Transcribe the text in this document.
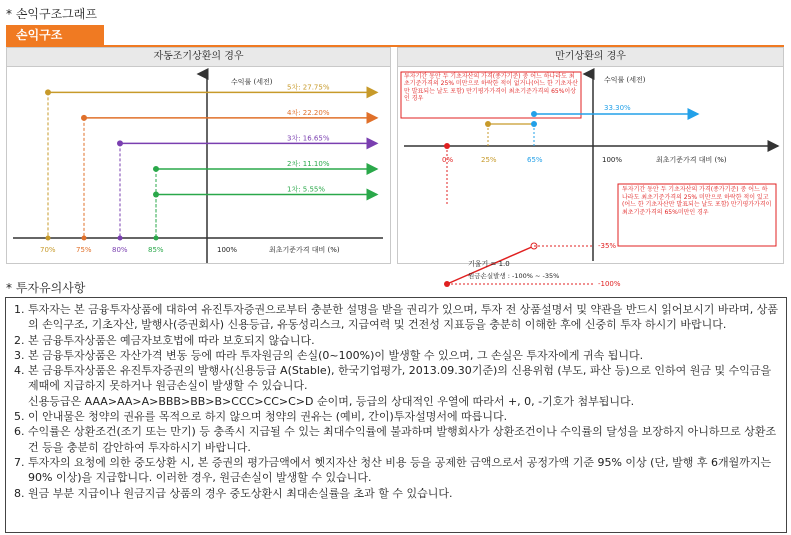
* 손익구조그래프
손익구조
자동조기상환의 경우
수익률 (세전)
100%	최초기준가격 대비 (%)
5차: 27.75%
4차: 22.20%
3차: 16.65%
2차: 11.10%
1차: 5.55%
70%	75%	80%	85%
만기상환의 경우
투자기간 동안 두 기초자산의 가격(종가기준) 중 어느 하나라도 최초기준가격의 25% 미만으로 하락한 적이 없거나(어느 한 기초자산만 발표되는 날도 포함) 만기평가가격이 최초기준가격의 65%이상인 경우
수익률 (세전)
최초기준가격 대비 (%)
0%	25%	65%	100%
33.30%
-35%
-100%
기울기 = 1.0
원금손실발생 : -100% ~ -35%
투자기간 동안 두 기초자산의 가격(종가기준) 중 어느 하나라도 최초기준가격의 25% 미만으로 하락한 적이 있고(어느 한 기초자산만 발표되는 날도 포함) 만기평가가격이 최초기준가격의 65%미만인 경우
* 투자유의사항
1. 투자자는 본 금융투자상품에 대하여 유진투자증권으로부터 충분한 설명을 받을 권리가 있으며, 투자 전 상품설명서 및 약관을 반드시 읽어보시기 바라며, 상품의 손익구조, 기초자산, 발행사(증권회사) 신용등급, 유동성리스크, 지급여력 및 건전성 지표등을 충분히 이해한 후에 신중히 투자 하시기 바랍니다.
2. 본 금융투자상품은 예금자보호법에 따라 보호되지 않습니다.
3. 본 금융투자상품은 자산가격 변동 등에 따라 투자원금의 손실(0~100%)이 발생할 수 있으며, 그 손실은 투자자에게 귀속 됩니다.
4. 본 금융투자상품은 유진투자증권의 발행사(신용등급 A(Stable), 한국기업평가, 2013.09.30기준)의 신용위험 (부도, 파산 등)으로 인하여 원금 및 수익금을 제때에 지급하지 못하거나 원금손실이 발생할 수 있습니다.
신용등급은 AAA>AA>A>BBB>BB>B>CCC>CC>C>D 순이며, 등급의 상대적인 우열에 따라서 +, 0, -기호가 첨부됩니다.
5. 이 안내물은 청약의 권유를 목적으로 하지 않으며 청약의 권유는 (예비, 간이)투자설명서에 따릅니다.
6. 수익률은 상환조건(조기 또는 만기) 등 충족시 지급될 수 있는 최대수익률에 불과하며 발행회사가 상환조건이나 수익률의 달성을 보장하지 아니하므로 상환조건 등을 충분히 감안하여 투자하시기 바랍니다.
7. 투자자의 요청에 의한 중도상환 시, 본 증권의 평가금액에서 헷지자산 청산 비용 등을 공제한 금액으로서 공정가액 기준 95% 이상 (단, 발행 후 6개월까지는 90% 이상)을 지급합니다. 이러한 경우, 원금손실이 발생할 수 있습니다.
8. 원금 부분 지급이나 원금지급 상품의 경우 중도상환시 최대손실률을 초과 할 수 있습니다.
